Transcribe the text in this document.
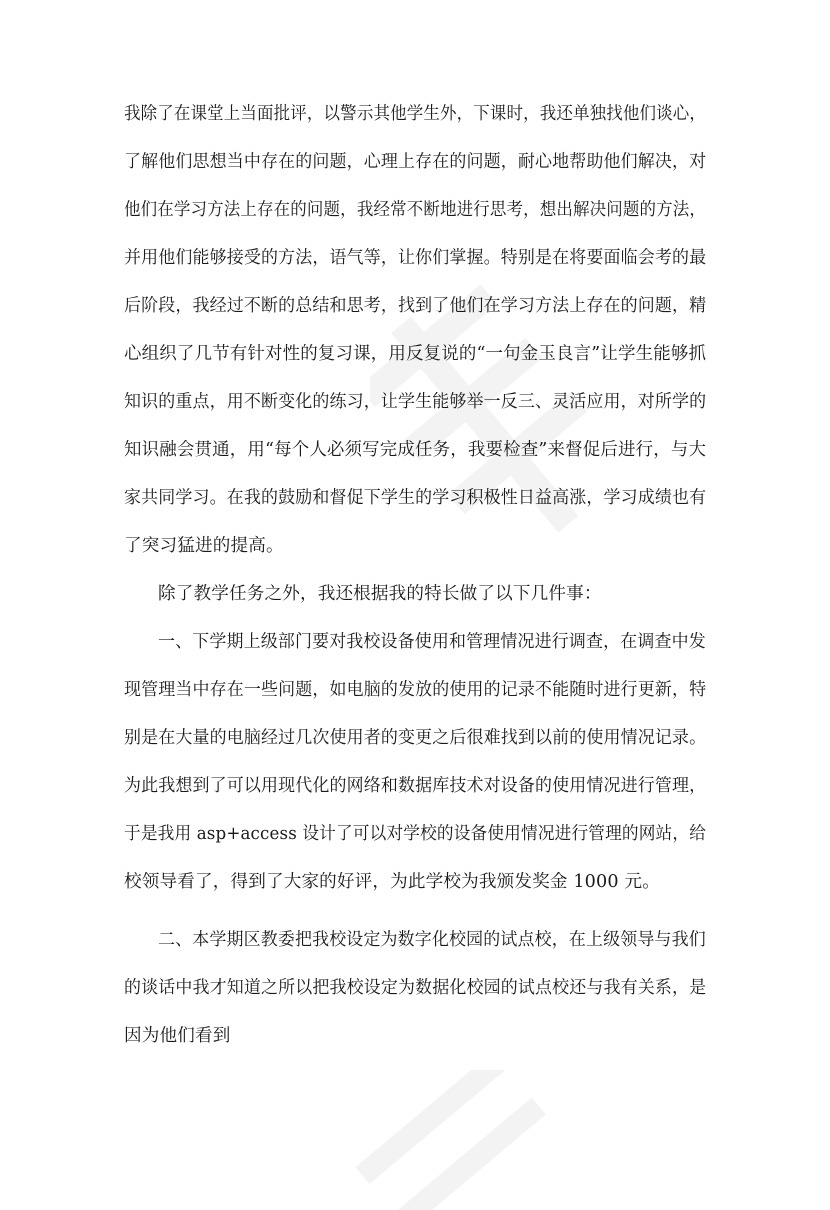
我除了在课堂上当面批评，以警示其他学生外，下课时，我还单独找他们谈心，
了解他们思想当中存在的问题，心理上存在的问题，耐心地帮助他们解决，对
他们在学习方法上存在的问题，我经常不断地进行思考，想出解决问题的方法，
并用他们能够接受的方法，语气等，让你们掌握。特别是在将要面临会考的最
后阶段，我经过不断的总结和思考，找到了他们在学习方法上存在的问题，精
心组织了几节有针对性的复习课，用反复说的“一句金玉良言”让学生能够抓
知识的重点，用不断变化的练习，让学生能够举一反三、灵活应用，对所学的
知识融会贯通，用“每个人必须写完成任务，我要检查”来督促后进行，与大
家共同学习。在我的鼓励和督促下学生的学习积极性日益高涨，学习成绩也有
了突习猛进的提高。
除了教学任务之外，我还根据我的特长做了以下几件事：
一、下学期上级部门要对我校设备使用和管理情况进行调查，在调查中发
现管理当中存在一些问题，如电脑的发放的使用的记录不能随时进行更新，特
别是在大量的电脑经过几次使用者的变更之后很难找到以前的使用情况记录。
为此我想到了可以用现代化的网络和数据库技术对设备的使用情况进行管理，
于是我用 asp+access 设计了可以对学校的设备使用情况进行管理的网站，给
校领导看了，得到了大家的好评，为此学校为我颁发奖金 1000 元。
二、本学期区教委把我校设定为数字化校园的试点校，在上级领导与我们
的谈话中我才知道之所以把我校设定为数据化校园的试点校还与我有关系，是
因为他们看到
